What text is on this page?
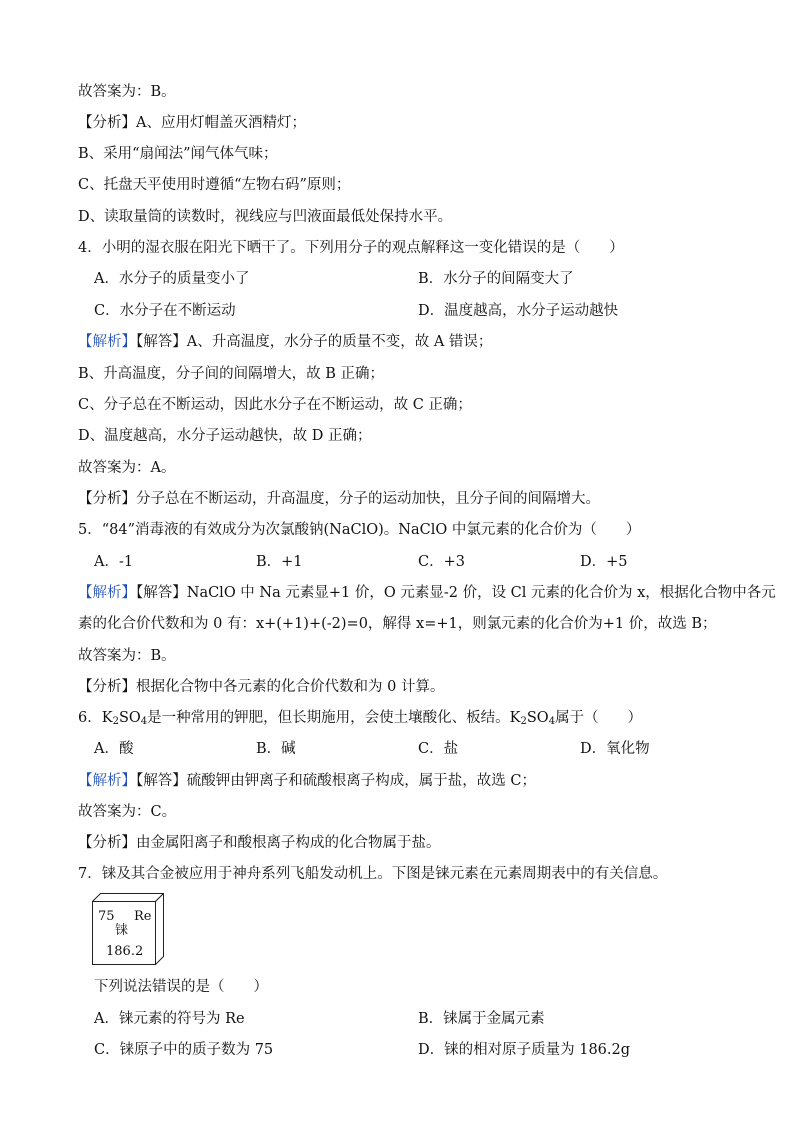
故答案为：B。
【分析】A、应用灯帽盖灭酒精灯；
B、采用“扇闻法”闻气体气味；
C、托盘天平使用时遵循“左物右码”原则；
D、读取量筒的读数时，视线应与凹液面最低处保持水平。
4．小明的湿衣服在阳光下晒干了。下列用分子的观点解释这一变化错误的是（　　）
A．水分子的质量变小了	B．水分子的间隔变大了
C．水分子在不断运动	D．温度越高，水分子运动越快
【解析】【解答】A、升高温度，水分子的质量不变，故 A 错误；
B、升高温度，分子间的间隔增大，故 B 正确；
C、分子总在不断运动，因此水分子在不断运动，故 C 正确；
D、温度越高，水分子运动越快，故 D 正确；
故答案为：A。
【分析】分子总在不断运动，升高温度，分子的运动加快，且分子间的间隔增大。
5．“84”消毒液的有效成分为次氯酸钠(NaClO)。NaClO 中氯元素的化合价为（　　）
A．-1	B．+1	C．+3	D．+5
【解析】【解答】NaClO 中 Na 元素显+1 价，O 元素显-2 价，设 Cl 元素的化合价为 x，根据化合物中各元
素的化合价代数和为 0 有：x+(+1)+(-2)=0，解得 x=+1，则氯元素的化合价为+1 价，故选 B；
故答案为：B。
【分析】根据化合物中各元素的化合价代数和为 0 计算。
6．$K_2SO_4$是一种常用的钾肥，但长期施用，会使土壤酸化、板结。$K_2SO_4$属于（　　）
A．酸	B．碱	C．盐	D．氧化物
【解析】【解答】硫酸钾由钾离子和硫酸根离子构成，属于盐，故选 C；
故答案为：C。
【分析】由金属阳离子和酸根离子构成的化合物属于盐。
7．铼及其合金被应用于神舟系列飞船发动机上。下图是铼元素在元素周期表中的有关信息。
75 Re
铼
186.2
下列说法错误的是（　　）
A．铼元素的符号为 Re	B．铼属于金属元素
C．铼原子中的质子数为 75	D．铼的相对原子质量为 186.2g
